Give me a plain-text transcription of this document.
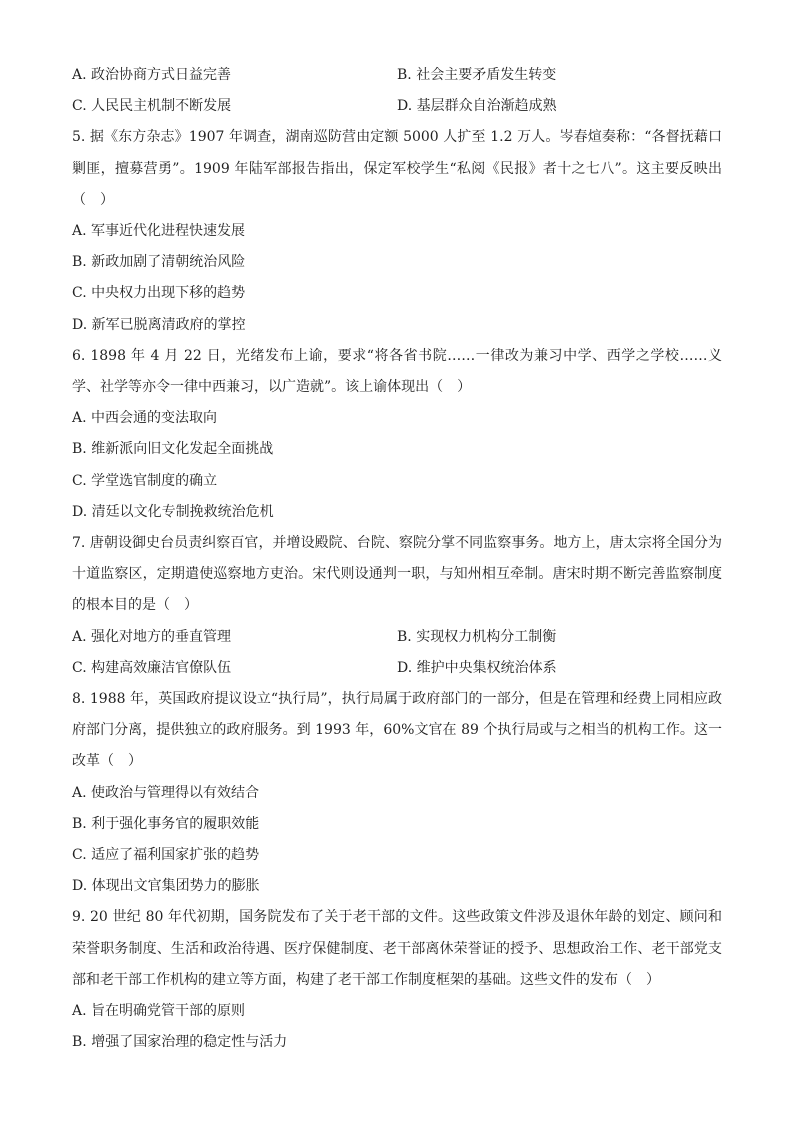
A. 政治协商方式日益完善	B. 社会主要矛盾发生转变
C. 人民民主机制不断发展	D. 基层群众自治渐趋成熟
5. 据《东方杂志》1907 年调查，湖南巡防营由定额 5000 人扩至 1.2 万人。岑春煊奏称：“各督抚藉口剿匪，擅募营勇”。1909 年陆军部报告指出，保定军校学生“私阅《民报》者十之七八”。这主要反映出（　）
A. 军事近代化进程快速发展
B. 新政加剧了清朝统治风险
C. 中央权力出现下移的趋势
D. 新军已脱离清政府的掌控
6. 1898 年 4 月 22 日，光绪发布上谕，要求“将各省书院……一律改为兼习中学、西学之学校……义学、社学等亦令一律中西兼习，以广造就”。该上谕体现出（　）
A. 中西会通的变法取向
B. 维新派向旧文化发起全面挑战
C. 学堂选官制度的确立
D. 清廷以文化专制挽救统治危机
7. 唐朝设御史台员责纠察百官，并增设殿院、台院、察院分掌不同监察事务。地方上，唐太宗将全国分为十道监察区，定期遣使巡察地方吏治。宋代则设通判一职，与知州相互牵制。唐宋时期不断完善监察制度的根本目的是（　）
A. 强化对地方的垂直管理	B. 实现权力机构分工制衡
C. 构建高效廉洁官僚队伍	D. 维护中央集权统治体系
8. 1988 年，英国政府提议设立“执行局”，执行局属于政府部门的一部分，但是在管理和经费上同相应政府部门分离，提供独立的政府服务。到 1993 年，60%文官在 89 个执行局或与之相当的机构工作。这一改革（　）
A. 使政治与管理得以有效结合
B. 利于强化事务官的履职效能
C. 适应了福利国家扩张的趋势
D. 体现出文官集团势力的膨胀
9. 20 世纪 80 年代初期，国务院发布了关于老干部的文件。这些政策文件涉及退休年龄的划定、顾问和荣誉职务制度、生活和政治待遇、医疗保健制度、老干部离休荣誉证的授予、思想政治工作、老干部党支部和老干部工作机构的建立等方面，构建了老干部工作制度框架的基础。这些文件的发布（　）
A. 旨在明确党管干部的原则
B. 增强了国家治理的稳定性与活力
